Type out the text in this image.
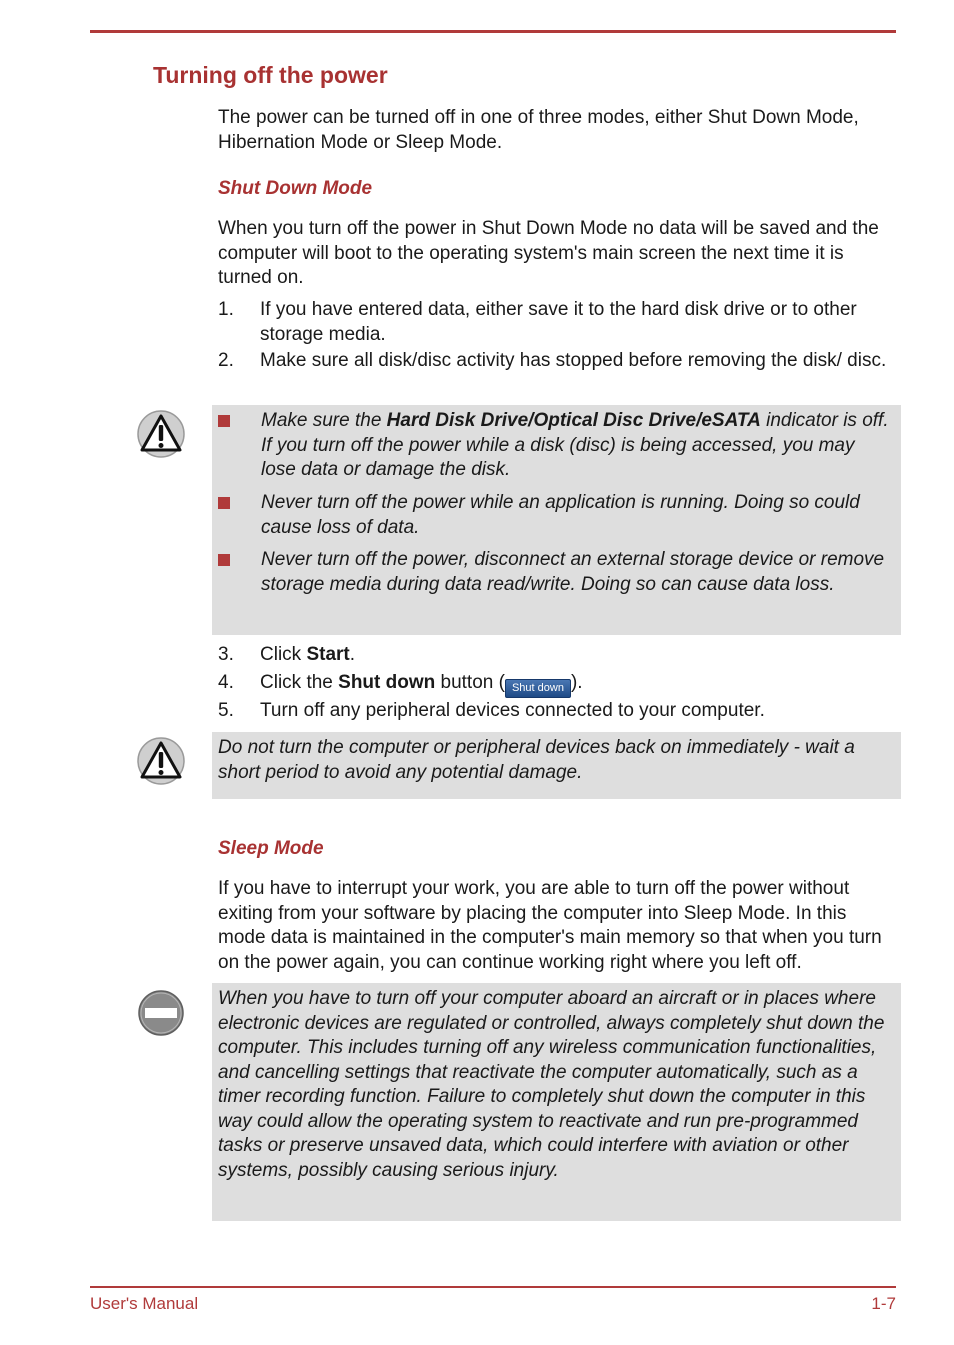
Turning off the power

The power can be turned off in one of three modes, either Shut Down Mode, Hibernation Mode or Sleep Mode.

Shut Down Mode

When you turn off the power in Shut Down Mode no data will be saved and the computer will boot to the operating system's main screen the next time it is turned on.

1. If you have entered data, either save it to the hard disk drive or to other storage media.
2. Make sure all disk/disc activity has stopped before removing the disk/ disc.
Make sure the Hard Disk Drive/Optical Disc Drive/eSATA indicator is off. If you turn off the power while a disk (disc) is being accessed, you may lose data or damage the disk.
Never turn off the power while an application is running. Doing so could cause loss of data.
Never turn off the power, disconnect an external storage device or remove storage media during data read/write. Doing so can cause data loss.
3. Click Start.
4. Click the Shut down button ( Shut down ).
5. Turn off any peripheral devices connected to your computer.
Do not turn the computer or peripheral devices back on immediately - wait a short period to avoid any potential damage.
Sleep Mode

If you have to interrupt your work, you are able to turn off the power without exiting from your software by placing the computer into Sleep Mode. In this mode data is maintained in the computer's main memory so that when you turn on the power again, you can continue working right where you left off.

When you have to turn off your computer aboard an aircraft or in places where electronic devices are regulated or controlled, always completely shut down the computer. This includes turning off any wireless communication functionalities, and cancelling settings that reactivate the computer automatically, such as a timer recording function. Failure to completely shut down the computer in this way could allow the operating system to reactivate and run pre-programmed tasks or preserve unsaved data, which could interfere with aviation or other systems, possibly causing serious injury.
User's Manual	1-7
